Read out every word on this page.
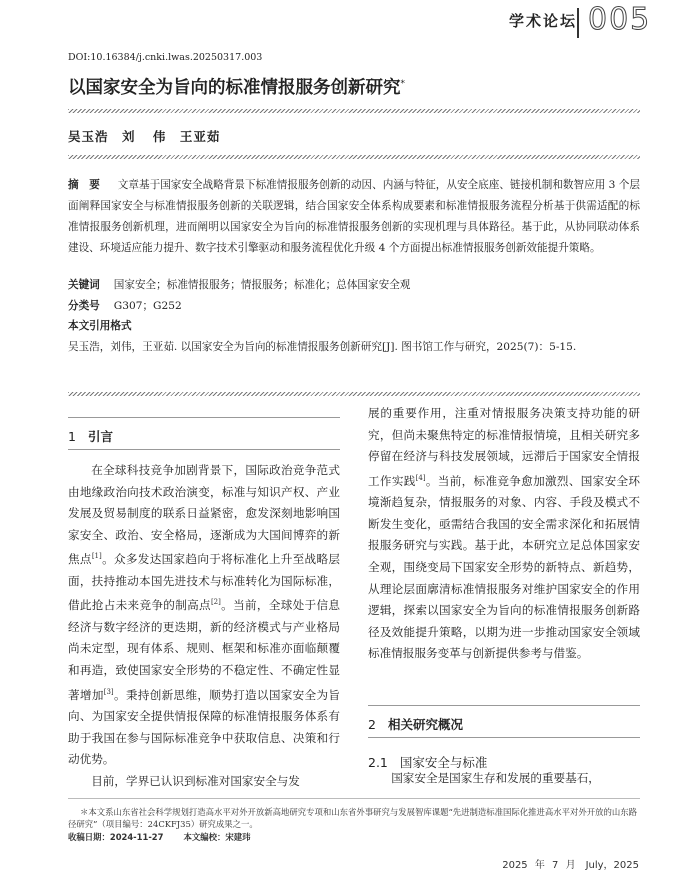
学术论坛 005
DOI:10.16384/j.cnki.lwas.20250317.003
以国家安全为旨向的标准情报服务创新研究*
吴玉浩　刘 伟　王亚茹
摘　要 文章基于国家安全战略背景下标准情报服务创新的动因、内涵与特征，从安全底座、链接机制和数智应用 3 个层面阐释国家安全与标准情报服务创新的关联逻辑，结合国家安全体系构成要素和标准情报服务流程分析基于供需适配的标准情报服务创新机理，进而阐明以国家安全为旨向的标准情报服务创新的实现机理与具体路径。基于此，从协同联动体系建设、环境适应能力提升、数字技术引擎驱动和服务流程优化升级 4 个方面提出标准情报服务创新效能提升策略。
关键词 国家安全；标准情报服务；情报服务；标准化；总体国家安全观
分类号 G307；G252
本文引用格式
吴玉浩，刘伟，王亚茹. 以国家安全为旨向的标准情报服务创新研究[J]. 图书馆工作与研究，2025(7)：5-15.
1 引言

在全球科技竞争加剧背景下，国际政治竞争范式由地缘政治向技术政治演变，标准与知识产权、产业发展及贸易制度的联系日益紧密，愈发深刻地影响国家安全、政治、安全格局，逐渐成为大国间博弈的新焦点[1]。众多发达国家趋向于将标准化上升至战略层面，扶持推动本国先进技术与标准转化为国际标准，借此抢占未来竞争的制高点[2]。当前，全球处于信息经济与数字经济的更迭期，新的经济模式与产业格局尚未定型，现有体系、规则、框架和标准亦面临颠覆和再造，致使国家安全形势的不稳定性、不确定性显著增加[3]。秉持创新思维，顺势打造以国家安全为旨向、为国家安全提供情报保障的标准情报服务体系有助于我国在参与国际标准竞争中获取信息、决策和行动优势。

目前，学界已认识到标准对国家安全与发

展的重要作用，注重对情报服务决策支持功能的研究，但尚未聚焦特定的标准情报情境，且相关研究多停留在经济与科技发展领域，远滞后于国家安全情报工作实践[4]。当前，标准竞争愈加激烈、国家安全环境渐趋复杂，情报服务的对象、内容、手段及模式不断发生变化，亟需结合我国的安全需求深化和拓展情报服务研究与实践。基于此，本研究立足总体国家安全观，围绕变局下国家安全形势的新特点、新趋势，从理论层面廓清标准情报服务对维护国家安全的作用逻辑，探索以国家安全为旨向的标准情报服务创新路径及效能提升策略，以期为进一步推动国家安全领域标准情报服务变革与创新提供参考与借鉴。

2 相关研究概况
2.1 国家安全与标准

国家安全是国家生存和发展的重要基石，

＊本文系山东省社会科学规划打造高水平对外开放新高地研究专项和山东省外事研究与发展智库课题“先进制造标准国际化推进高水平对外开放的山东路径研究”（项目编号：24CKFJ35）研究成果之一。
收稿日期：2024-11-27 本文编校：宋建玮
2025 年 7 月　July，2025
